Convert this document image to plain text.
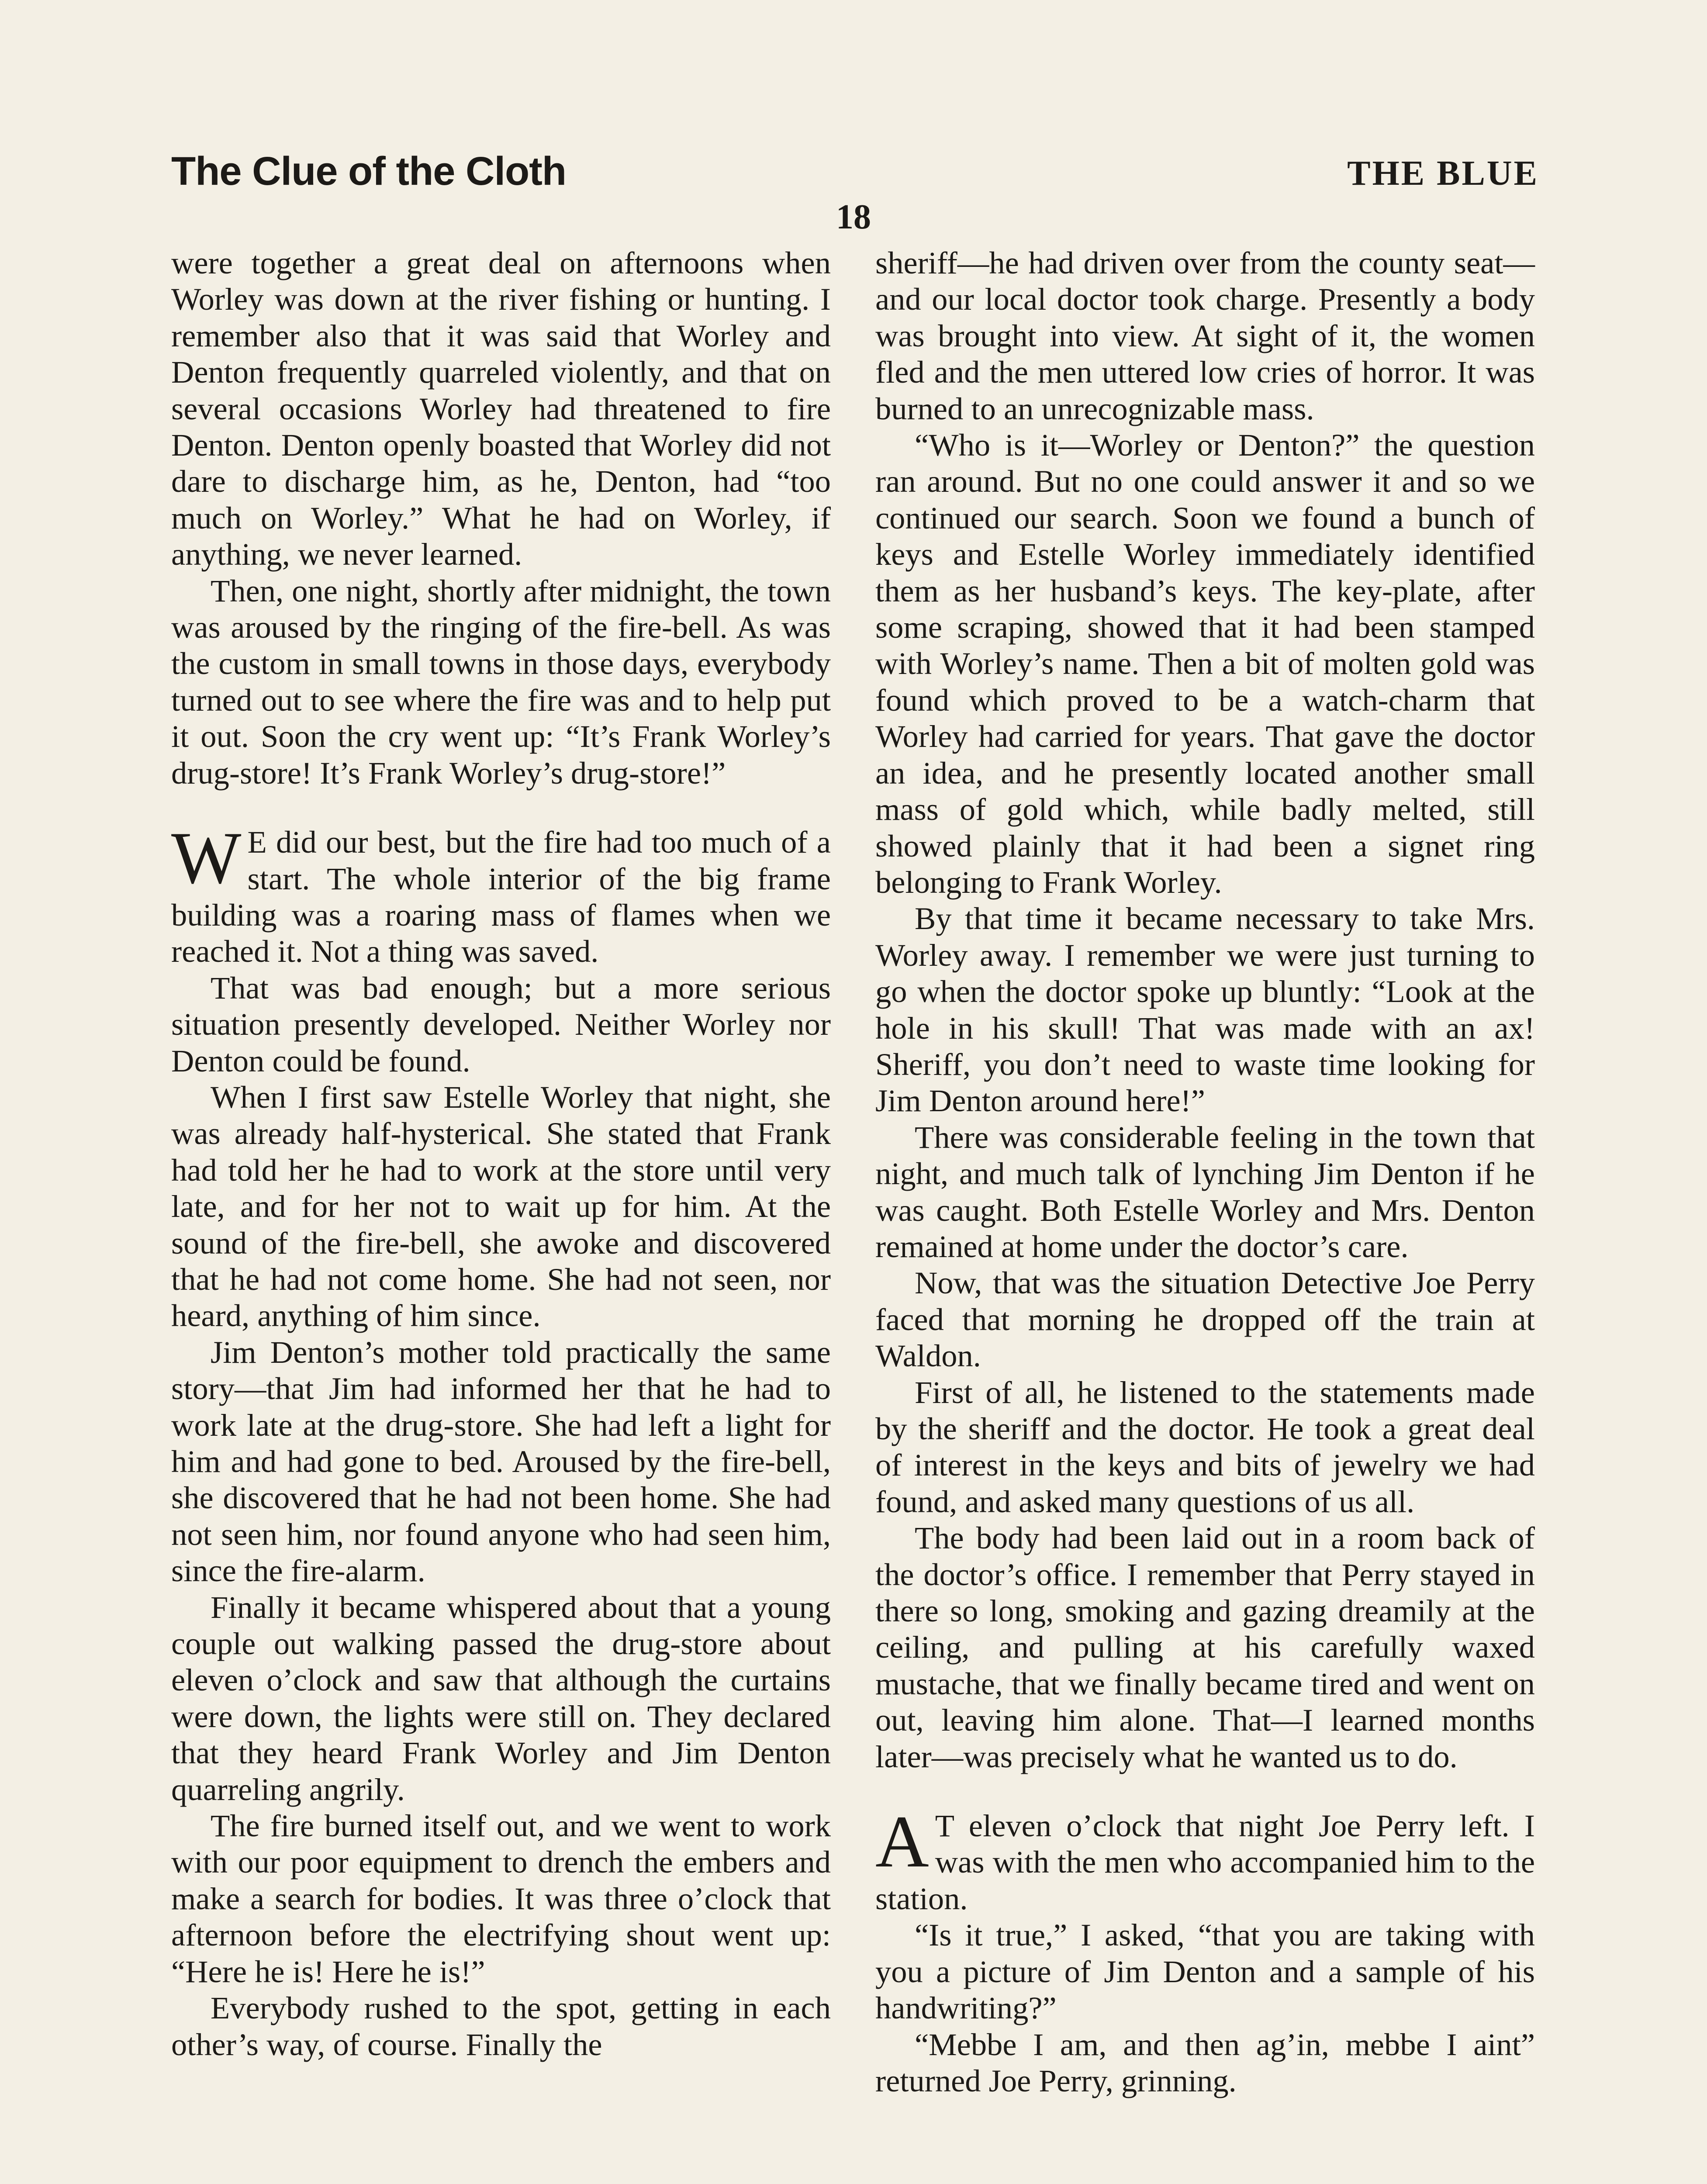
The Clue of the Cloth	THE BLUE
18

were together a great deal on afternoons when Worley was down at the river fishing or hunting. I remember also that it was said that Worley and Denton frequently quarreled violently, and that on several occasions Worley had threatened to fire Denton. Denton openly boasted that Worley did not dare to discharge him, as he, Denton, had “too much on Worley.” What he had on Worley, if anything, we never learned.

Then, one night, shortly after midnight, the town was aroused by the ringing of the fire-bell. As was the custom in small towns in those days, everybody turned out to see where the fire was and to help put it out. Soon the cry went up: “It’s Frank Worley’s drug-store! It’s Frank Worley’s drug-store!”

W E did our best, but the fire had too much of a start. The whole interior of the big frame building was a roaring mass of flames when we reached it. Not a thing was saved.

That was bad enough; but a more serious situation presently developed. Neither Worley nor Denton could be found.

When I first saw Estelle Worley that night, she was already half-hysterical. She stated that Frank had told her he had to work at the store until very late, and for her not to wait up for him. At the sound of the fire-bell, she awoke and discovered that he had not come home. She had not seen, nor heard, anything of him since.

Jim Denton’s mother told practically the same story—that Jim had informed her that he had to work late at the drug-store. She had left a light for him and had gone to bed. Aroused by the fire-bell, she discovered that he had not been home. She had not seen him, nor found anyone who had seen him, since the fire-alarm.

Finally it became whispered about that a young couple out walking passed the drug-store about eleven o’clock and saw that although the curtains were down, the lights were still on. They declared that they heard Frank Worley and Jim Denton quarreling angrily.

The fire burned itself out, and we went to work with our poor equipment to drench the embers and make a search for bodies. It was three o’clock that afternoon before the electrifying shout went up: “Here he is! Here he is!”

Everybody rushed to the spot, getting in each other’s way, of course. Finally the

sheriff—he had driven over from the county seat—and our local doctor took charge. Presently a body was brought into view. At sight of it, the women fled and the men uttered low cries of horror. It was burned to an unrecognizable mass.

“Who is it—Worley or Denton?” the question ran around. But no one could answer it and so we continued our search. Soon we found a bunch of keys and Estelle Worley immediately identified them as her husband’s keys. The key-plate, after some scraping, showed that it had been stamped with Worley’s name. Then a bit of molten gold was found which proved to be a watch-charm that Worley had carried for years. That gave the doctor an idea, and he presently located another small mass of gold which, while badly melted, still showed plainly that it had been a signet ring belonging to Frank Worley.

By that time it became necessary to take Mrs. Worley away. I remember we were just turning to go when the doctor spoke up bluntly: “Look at the hole in his skull! That was made with an ax! Sheriff, you don’t need to waste time looking for Jim Denton around here!”

There was considerable feeling in the town that night, and much talk of lynching Jim Denton if he was caught. Both Estelle Worley and Mrs. Denton remained at home under the doctor’s care.

Now, that was the situation Detective Joe Perry faced that morning he dropped off the train at Waldon.

First of all, he listened to the statements made by the sheriff and the doctor. He took a great deal of interest in the keys and bits of jewelry we had found, and asked many questions of us all.

The body had been laid out in a room back of the doctor’s office. I remember that Perry stayed in there so long, smoking and gazing dreamily at the ceiling, and pulling at his carefully waxed mustache, that we finally became tired and went on out, leaving him alone. That—I learned months later—was precisely what he wanted us to do.

A T eleven o’clock that night Joe Perry left. I was with the men who accompanied him to the station.

“Is it true,” I asked, “that you are taking with you a picture of Jim Denton and a sample of his handwriting?”

“Mebbe I am, and then ag’in, mebbe I aint” returned Joe Perry, grinning.
